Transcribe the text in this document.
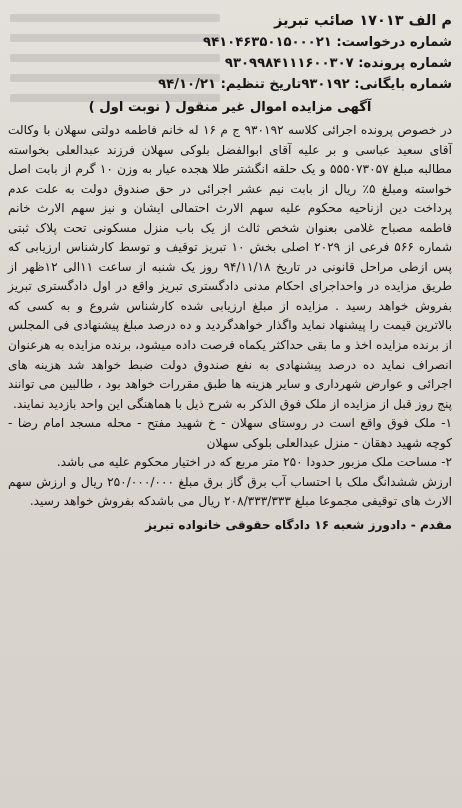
م الف ۱۷۰۱۳ صائب تبریز
شماره درخواست: ۹۴۱۰۴۶۳۵۰۱۵۰۰۰۲۱
شماره پرونده: ۹۳۰۹۹۸۴۱۱۱۶۰۰۳۰۷
شماره بایگانی: ۹۳۰۱۹۲تاریخ تنظیم: ۹۴/۱۰/۲۱
آگهی مزایده اموال غیر منقول ( نوبت اول )

در خصوص پرونده اجرائی کلاسه ۹۳۰۱۹۲ ج م ۱۶ له خانم فاطمه دولتی سهلان با وکالت آقای سعید عباسی و بر علیه آقای ابوالفضل بلوکی سهلان فرزند عبدالعلی بخواسته مطالبه مبلغ ۵۵۵۰۷۳۰۵۷ و یک حلقه انگشتر طلا هجده عیار به وزن ۱۰ گرم از بابت اصل خواسته ومبلغ ۵٪ ریال از بابت نیم عشر اجرائی در حق صندوق دولت به علت عدم پرداخت دین ازناحیه محکوم علیه سهم الارث احتمالی ایشان و نیز سهم الارث خانم فاطمه مصباح غلامی بعنوان شخص ثالث از یک باب منزل مسکونی تحت پلاک ثبتی شماره ۵۶۶ فرعی از ۲۰۲۹ اصلی بخش ۱۰ تبریز توقیف و توسط کارشناس ارزیابی که پس ازطی مراحل قانونی در تاریخ ۹۴/۱۱/۱۸ روز یک شنبه از ساعت ۱۱الی ۱۲ظهر از طریق مزایده در واحداجرای احکام مدنی دادگستری تبریز واقع در اول دادگستری تبریز بفروش خواهد رسید . مزایده از مبلغ ارزیابی شده کارشناس شروع و به کسی که بالاترین قیمت را پیشنهاد نماید واگذار خواهدگردید و ده درصد مبلغ پیشنهادی فی المجلس از برنده مزایده اخذ و ما بقی حداکثر یکماه فرصت داده میشود، برنده مزایده به هرعنوان انصراف نماید ده درصد پیشنهادی به نفع صندوق دولت ضبط خواهد شد هزینه های اجرائی و عوارض شهرداری و سایر هزینه ها طبق مقررات خواهد بود ، طالبین می توانند پنج روز قبل از مزایده از ملک فوق الذکر به شرح ذیل با هماهنگی این واحد بازدید نمایند.

۱- ملک فوق واقع است در روستای سهلان - خ شهید مفتح - محله مسجد امام رضا - کوچه شهید دهقان - منزل عبدالعلی بلوکی سهلان

۲- مساحت ملک مزبور حدودا ۲۵۰ متر مربع که در اختیار محکوم علیه می باشد.

ارزش ششدانگ ملک با احتساب آب برق گاز برق مبلغ ۲۵۰/۰۰۰/۰۰۰ ریال و ارزش سهم الارث های توقیفی مجموعا مبلغ ۲۰۸/۳۳۳/۳۳۳ ریال می باشدکه بفروش خواهد رسید.

مقدم - دادورز شعبه ۱۶ دادگاه حقوقی خانواده تبریز
